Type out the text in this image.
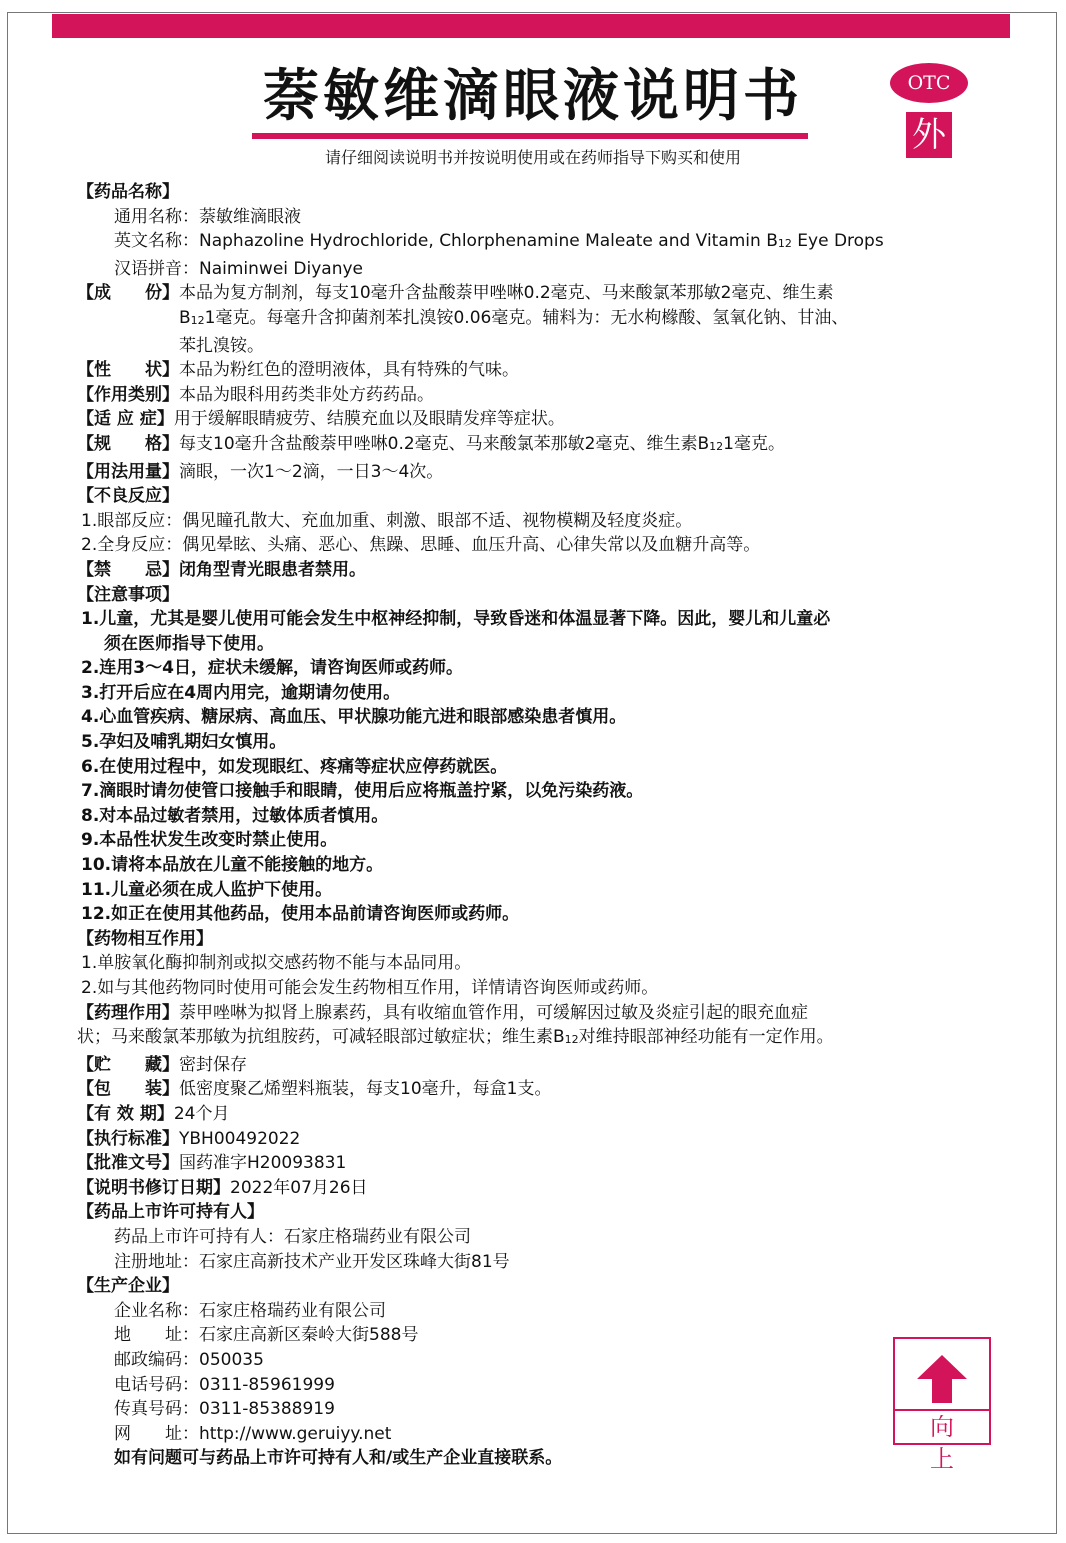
萘敏维滴眼液说明书	OTC
外
请仔细阅读说明书并按说明使用或在药师指导下购买和使用
【药品名称】
通用名称：萘敏维滴眼液
英文名称：Naphazoline Hydrochloride, Chlorphenamine Maleate and Vitamin $B_{12}$ Eye Drops
汉语拼音：Naiminwei Diyanye
【成　　份】 本品为复方制剂，每支10毫升含盐酸萘甲唑啉0.2毫克、马来酸氯苯那敏2毫克、维生素
$B_{12}1$毫克。每毫升含抑菌剂苯扎溴铵0.06毫克。辅料为：无水枸橼酸、氢氧化钠、甘油、
苯扎溴铵。
【性　　状】本品为粉红色的澄明液体，具有特殊的气味。
【作用类别】本品为眼科用药类非处方药药品。
【适 应 症】用于缓解眼睛疲劳、结膜充血以及眼睛发痒等症状。
【规　　格】每支10毫升含盐酸萘甲唑啉0.2毫克、马来酸氯苯那敏2毫克、维生素$B_{12}1$毫克。
【用法用量】滴眼，一次1～2滴，一日3～4次。
【不良反应】
1.眼部反应：偶见瞳孔散大、充血加重、刺激、眼部不适、视物模糊及轻度炎症。
2.全身反应：偶见晕眩、头痛、恶心、焦躁、思睡、血压升高、心律失常以及血糖升高等。
【禁　　忌】闭角型青光眼患者禁用。
【注意事项】
1.儿童，尤其是婴儿使用可能会发生中枢神经抑制，导致昏迷和体温显著下降。因此，婴儿和儿童必
须在医师指导下使用。
2.连用3～4日，症状未缓解，请咨询医师或药师。
3.打开后应在4周内用完，逾期请勿使用。
4.心血管疾病、糖尿病、高血压、甲状腺功能亢进和眼部感染患者慎用。
5.孕妇及哺乳期妇女慎用。
6.在使用过程中，如发现眼红、疼痛等症状应停药就医。
7.滴眼时请勿使管口接触手和眼睛，使用后应将瓶盖拧紧，以免污染药液。
8.对本品过敏者禁用，过敏体质者慎用。
9.本品性状发生改变时禁止使用。
10.请将本品放在儿童不能接触的地方。
11.儿童必须在成人监护下使用。
12.如正在使用其他药品，使用本品前请咨询医师或药师。
【药物相互作用】
1.单胺氧化酶抑制剂或拟交感药物不能与本品同用。
2.如与其他药物同时使用可能会发生药物相互作用，详情请咨询医师或药师。
【药理作用】萘甲唑啉为拟肾上腺素药，具有收缩血管作用，可缓解因过敏及炎症引起的眼充血症
状；马来酸氯苯那敏为抗组胺药，可减轻眼部过敏症状；维生素$B_{12}$对维持眼部神经功能有一定作用。
【贮　　藏】密封保存
【包　　装】低密度聚乙烯塑料瓶装，每支10毫升，每盒1支。
【有 效 期】24个月
【执行标准】YBH00492022
【批准文号】国药准字H20093831
【说明书修订日期】2022年07月26日
【药品上市许可持有人】
药品上市许可持有人：石家庄格瑞药业有限公司
注册地址：石家庄高新技术产业开发区珠峰大街81号
【生产企业】
企业名称：石家庄格瑞药业有限公司
地　　址：石家庄高新区秦岭大街588号
邮政编码：050035
电话号码：0311-85961999
传真号码：0311-85388919
网　　址：http://www.geruiyy.net
如有问题可与药品上市许可持有人和/或生产企业直接联系。
向上
